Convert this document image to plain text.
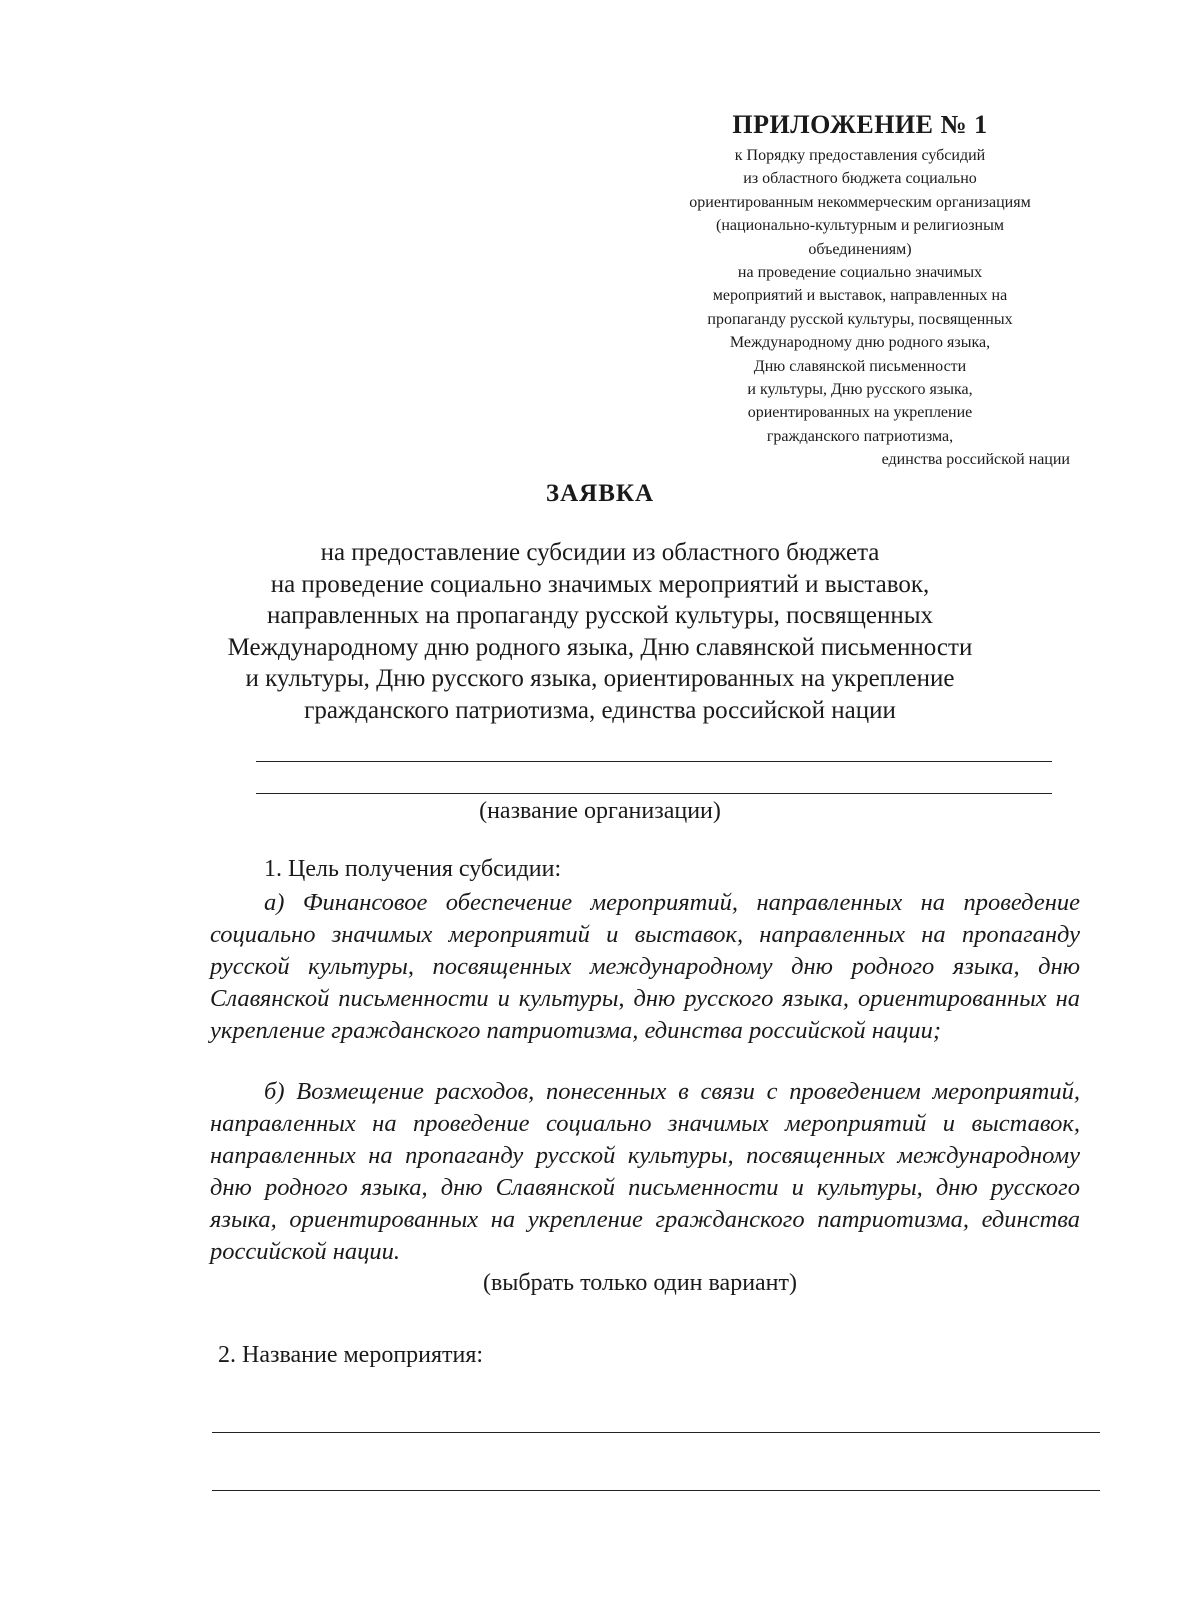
ПРИЛОЖЕНИЕ № 1
к Порядку предоставления субсидий
из областного бюджета социально
ориентированным некоммерческим организациям
(национально-культурным и религиозным
объединениям)
на проведение социально значимых
мероприятий и выставок, направленных на
пропаганду русской культуры, посвященных
Международному дню родного языка,
Дню славянской письменности
и культуры, Дню русского языка,
ориентированных на укрепление
гражданского патриотизма,
единства российской нации
ЗАЯВКА
на предоставление субсидии из областного бюджета
на проведение социально значимых мероприятий и выставок,
направленных на пропаганду русской культуры, посвященных
Международному дню родного языка, Дню славянской письменности
и культуры, Дню русского языка, ориентированных на укрепление
гражданского патриотизма, единства российской нации
(название организации)
1. Цель получения субсидии:
а) Финансовое обеспечение мероприятий, направленных на проведение социально значимых мероприятий и выставок, направленных на пропаганду русской культуры, посвященных международному дню родного языка, дню Славянской письменности и культуры, дню русского языка, ориентированных на укрепление гражданского патриотизма, единства российской нации;
б) Возмещение расходов, понесенных в связи с проведением мероприятий, направленных на проведение социально значимых мероприятий и выставок, направленных на пропаганду русской культуры, посвященных международному дню родного языка, дню Славянской письменности и культуры, дню русского языка, ориентированных на укрепление гражданского патриотизма, единства российской нации.
(выбрать только один вариант)
2. Название мероприятия:
